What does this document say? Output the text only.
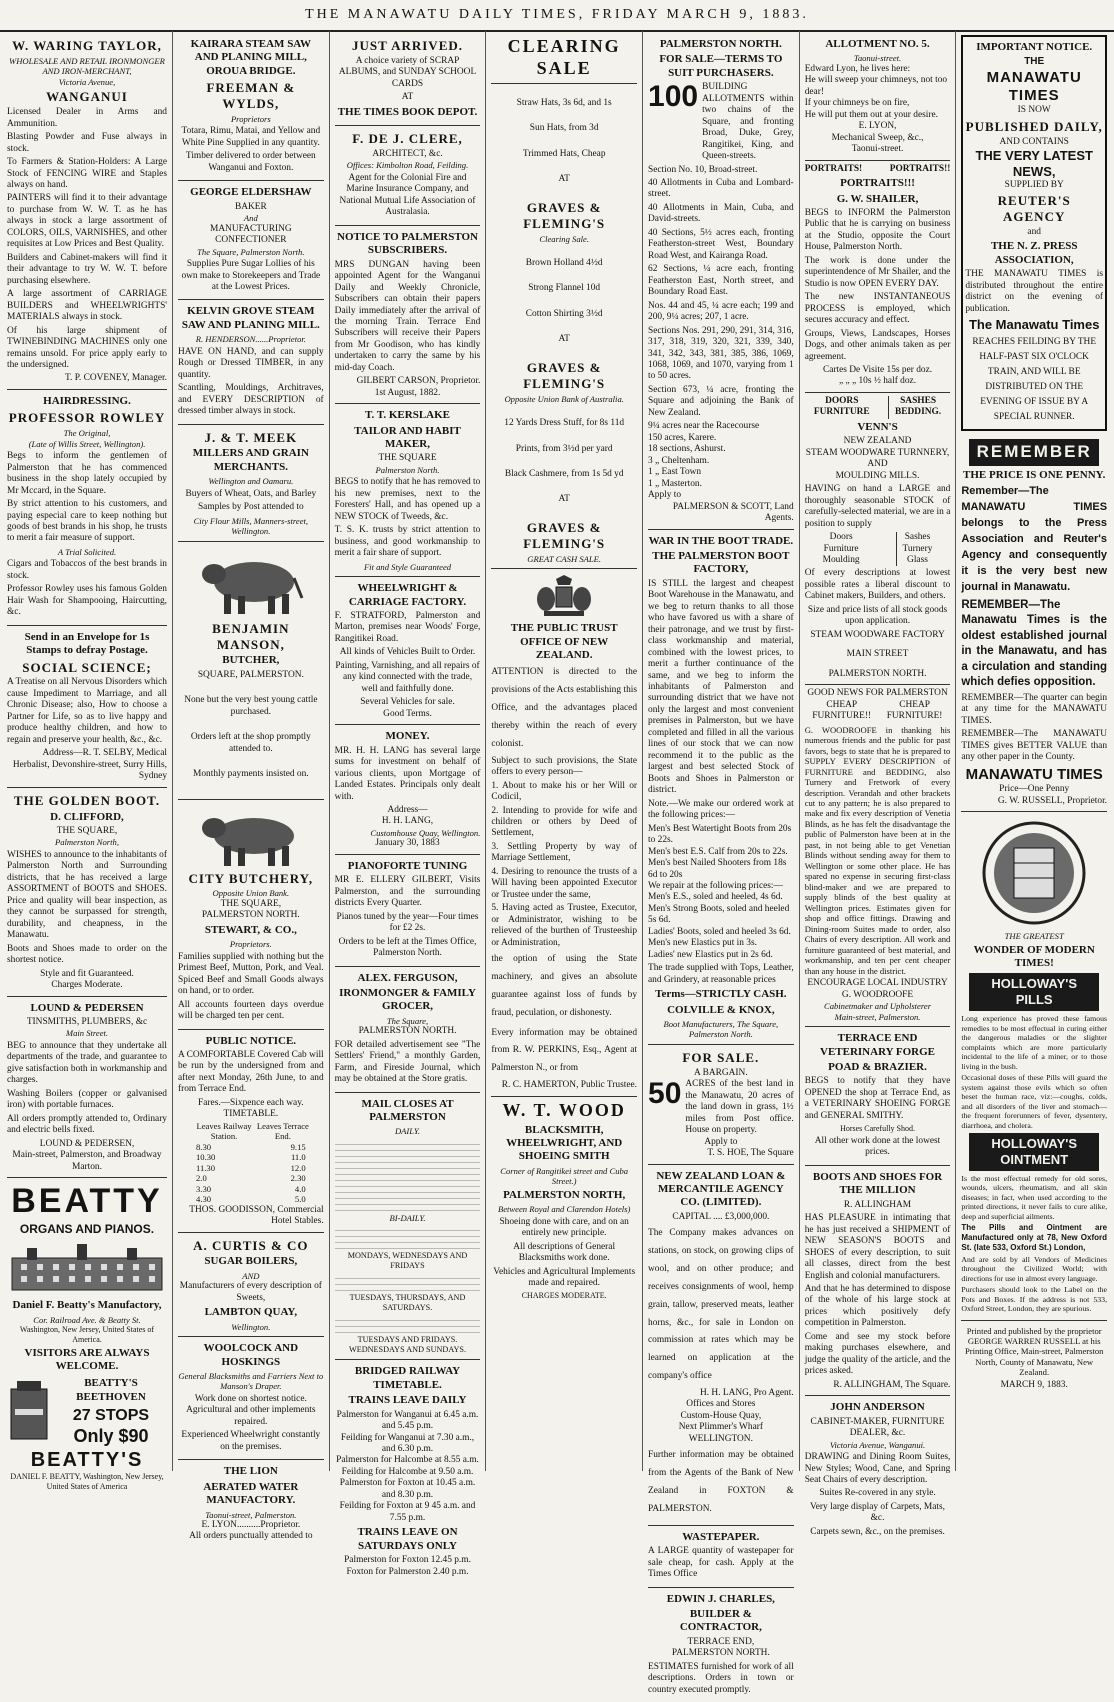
THE MANAWATU DAILY TIMES, FRIDAY MARCH 9, 1883.
W. WARING TAYLOR,
WHOLESALE AND RETAIL IRONMONGER AND IRON-MERCHANT,
Victoria Avenue,
WANGANUI

Licensed Dealer in Arms and Ammunition.

Blasting Powder and Fuse always in stock.

To Farmers & Station-Holders: A Large Stock of FENCING WIRE and Staples always on hand.

PAINTERS will find it to their advantage to purchase from W. W. T. as he has always in stock a large assortment of COLORS, OILS, VARNISHES, and other requisites at Low Prices and Best Quality.

Builders and Cabinet-makers will find it their advantage to try W. W. T. before purchasing elsewhere.

A large assortment of CARRIAGE BUILDERS and WHEELWRIGHTS' MATERIALS always in stock.

Of his large shipment of TWINEBINDING MACHINES only one remains unsold. For price apply early to the undersigned.

T. P. COVENEY, Manager.
HAIRDRESSING.
PROFESSOR ROWLEY
The Original,
(Late of Willis Street, Wellington).

Begs to inform the gentlemen of Palmerston that he has commenced business in the shop lately occupied by Mr Mccard, in the Square.

By strict attention to his customers, and paying especial care to keep nothing but goods of best brands in his shop, he trusts to merit a fair measure of support.

A Trial Solicited.

Cigars and Tobaccos of the best brands in stock.

Professor Rowley uses his famous Golden Hair Wash for Shampooing, Haircutting, &c.

Send in an Envelope for 1s Stamps to defray Postage.
SOCIAL SCIENCE;

A Treatise on all Nervous Disorders which cause Impediment to Marriage, and all Chronic Disease; also, How to choose a Partner for Life, so as to live happy and produce healthy children, and how to regain and preserve your health, &c., &c.

Address—R. T. SELBY, Medical Herbalist, Devonshire-street, Surry Hills, Sydney
THE GOLDEN BOOT.
D. CLIFFORD,
THE SQUARE,
Palmerston North,

WISHES to announce to the inhabitants of Palmerston North and Surrounding districts, that he has received a large ASSORTMENT of BOOTS and SHOES. Price and quality will bear inspection, as they cannot be surpassed for strength, durability, and cheapness, in the Manawatu.

Boots and Shoes made to order on the shortest notice.

Style and fit Guaranteed.
Charges Moderate.
LOUND & PEDERSEN
TINSMITHS, PLUMBERS, &c
Main Street.

BEG to announce that they undertake all departments of the trade, and guarantee to give satisfaction both in workmanship and charges.

Washing Boilers (copper or galvanised iron) with portable furnaces.

All orders promptly attended to, Ordinary and electric bells fixed.

LOUND & PEDERSEN,
Main-street, Palmerston, and Broadway Marton.
BEATTY
ORGANS AND PIANOS.
Daniel F. Beatty's Manufactory,
Cor. Railroad Ave. & Beatty St.
Washington, New Jersey, United States of America.
VISITORS ARE ALWAYS WELCOME.
BEATTY'S BEETHOVEN
27 STOPS
Only $90
BEATTY'S
DANIEL F. BEATTY, Washington, New Jersey, United States of America
KAIRARA STEAM SAW AND PLANING MILL, OROUA BRIDGE.
FREEMAN & WYLDS,
Proprietors

Totara, Rimu, Matai, and Yellow and White Pine Supplied in any quantity.

Timber delivered to order between Wanganui and Foxton.

GEORGE ELDERSHAW
BAKER
And
MANUFACTURING CONFECTIONER
The Square, Palmerston North.

Supplies Pure Sugar Lollies of his own make to Storekeepers and Trade at the Lowest Prices.

KELVIN GROVE STEAM SAW AND PLANING MILL.
R. HENDERSON......Proprietor.

HAVE ON HAND, and can supply Rough or Dressed TIMBER, in any quantity.

Scantling, Mouldings, Architraves, and EVERY DESCRIPTION of dressed timber always in stock.

J. & T. MEEK
MILLERS AND GRAIN MERCHANTS.
Wellington and Oamaru.

Buyers of Wheat, Oats, and Barley

Samples by Post attended to

City Flour Mills, Manners-street, Wellington.
BENJAMIN MANSON,
BUTCHER,
SQUARE, PALMERSTON.

None but the very best young cattle purchased.

Orders left at the shop promptly attended to.

Monthly payments insisted on.

CITY BUTCHERY,
Opposite Union Bank.
THE SQUARE,
PALMERSTON NORTH.
STEWART, & CO.,
Proprietors.

Families supplied with nothing but the Primest Beef, Mutton, Pork, and Veal. Spiced Beef and Small Goods always on hand, or to order.

All accounts fourteen days overdue will be charged ten per cent.

PUBLIC NOTICE.

A COMFORTABLE Covered Cab will be run by the undersigned from and after next Monday, 26th June, to and from Terrace End.

Fares.—Sixpence each way.
TIMETABLE.
Leaves Railway Station.
Leaves Terrace End.
8.30	9.15
10.30	11.0
11.30	12.0
2.0	2.30
3.30	4.0
4.30	5.0
THOS. GOODISSON, Commercial Hotel Stables.
A. CURTIS & CO
SUGAR BOILERS,
AND
Manufacturers of every description of Sweets,
LAMBTON QUAY,
Wellington.
WOOLCOCK AND HOSKINGS
General Blacksmiths and Farriers Next to Manson's Draper.

Work done on shortest notice. Agricultural and other implements repaired.

Experienced Wheelwright constantly on the premises.

THE LION
AERATED WATER MANUFACTORY.
Taonui-street, Palmerston.
E. LYON..........Proprietor.
All orders punctually attended to
JUST ARRIVED.

A choice variety of SCRAP ALBUMS, and SUNDAY SCHOOL CARDS

AT
THE TIMES BOOK DEPOT.
F. DE J. CLERE,
ARCHITECT, &c.
Offices: Kimbolton Road, Feilding.

Agent for the Colonial Fire and Marine Insurance Company, and National Mutual Life Association of Australasia.

NOTICE TO PALMERSTON SUBSCRIBERS.

MRS DUNGAN having been appointed Agent for the Wanganui Daily and Weekly Chronicle, Subscribers can obtain their papers Daily immediately after the arrival of the morning Train. Terrace End Subscribers will receive their Papers from Mr Goodison, who has kindly undertaken to carry the same by his mid-day Coach.

GILBERT CARSON, Proprietor.
1st August, 1882.
T. T. KERSLAKE
TAILOR AND HABIT MAKER,
THE SQUARE
Palmerston North.

BEGS to notify that he has removed to his new premises, next to the Foresters' Hall, and has opened up a NEW STOCK of Tweeds, &c.

T. S. K. trusts by strict attention to business, and good workmanship to merit a fair share of support.

Fit and Style Guaranteed
WHEELWRIGHT & CARRIAGE FACTORY.

F. STRATFORD, Palmerston and Marton, premises near Woods' Forge, Rangitikei Road.

All kinds of Vehicles Built to Order.

Painting, Varnishing, and all repairs of any kind connected with the trade, well and faithfully done.

Several Vehicles for sale.
Good Terms.
MONEY.

MR. H. H. LANG has several large sums for investment on behalf of various clients, upon Mortgage of Landed Estates. Principals only dealt with.

Address—
H. H. LANG,
Customhouse Quay, Wellington.
January 30, 1883
PIANOFORTE TUNING

MR E. ELLERY GILBERT, Visits Palmerston, and the surrounding districts Every Quarter.

Pianos tuned by the year—Four times for £2 2s.

Orders to be left at the Times Office, Palmerston North.

ALEX. FERGUSON,
IRONMONGER & FAMILY GROCER,
The Square,
PALMERSTON NORTH.

FOR detailed advertisement see "The Settlers' Friend," a monthly Garden, Farm, and Fireside Journal, which may be obtained at the Store gratis.

MAIL CLOSES AT PALMERSTON
DAILY.
BI-DAILY.
MONDAYS, WEDNESDAYS AND FRIDAYS
TUESDAYS, THURSDAYS, AND SATURDAYS.
TUESDAYS AND FRIDAYS.
WEDNESDAYS AND SUNDAYS.
BRIDGED RAILWAY TIMETABLE.
TRAINS LEAVE DAILY
Palmerston for Wanganui at 6.45 a.m. and 5.45 p.m.
Feilding for Wanganui at 7.30 a.m., and 6.30 p.m.
Palmerston for Halcombe at 8.55 a.m.
Feilding for Halcombe at 9.50 a.m.
Palmerston for Foxton at 10.45 a.m. and 8.30 p.m.
Feilding for Foxton at 9 45 a.m. and 7.55 p.m.
TRAINS LEAVE ON SATURDAYS ONLY
Palmerston for Foxton 12.45 p.m.
Foxton for Palmerston 2.40 p.m.
CLEARING SALE

Straw Hats, 3s 6d, and 1s

Sun Hats, from 3d

Trimmed Hats, Cheap

AT

GRAVES & FLEMING'S
Clearing Sale.

Brown Holland 4½d

Strong Flannel 10d

Cotton Shirting 3½d

AT

GRAVES & FLEMING'S
Opposite Union Bank of Australia.

12 Yards Dress Stuff, for 8s 11d

Prints, from 3½d per yard

Black Cashmere, from 1s 5d yd

AT

GRAVES & FLEMING'S
GREAT CASH SALE.
THE PUBLIC TRUST OFFICE OF NEW ZEALAND.

ATTENTION is directed to the provisions of the Acts establishing this Office, and the advantages placed thereby within the reach of every colonist.

Subject to such provisions, the State offers to every person—

1. About to make his or her Will or Codicil,

2. Intending to provide for wife and children or others by Deed of Settlement,

3. Settling Property by way of Marriage Settlement,

4. Desiring to renounce the trusts of a Will having been appointed Executor or Trustee under the same,

5. Having acted as Trustee, Executor, or Administrator, wishing to be relieved of the burthen of Trusteeship or Administration,

the option of using the State machinery, and gives an absolute guarantee against loss of funds by fraud, peculation, or dishonesty.

Every information may be obtained from R. W. PERKINS, Esq., Agent at Palmerston N., or from

R. C. HAMERTON, Public Trustee.
W. T. WOOD
BLACKSMITH, WHEELWRIGHT, AND SHOEING SMITH
Corner of Rangitikei street and Cuba Street.)
PALMERSTON NORTH,
Between Royal and Clarendon Hotels)

Shoeing done with care, and on an entirely new principle.

All descriptions of General Blacksmiths work done.

Vehicles and Agricultural Implements made and repaired.

CHARGES MODERATE.
PALMERSTON NORTH.
FOR SALE—TERMS TO SUIT PURCHASERS.
100 BUILDING ALLOTMENTS within two chains of the Square, and fronting Broad, Duke, Grey, Rangitikei, King, and Queen-streets.

Section No. 10, Broad-street.

40 Allotments in Cuba and Lombard-street.

40 Allotments in Main, Cuba, and David-streets.

40 Sections, 5½ acres each, fronting Featherston-street West, Boundary Road West, and Kairanga Road.

62 Sections, ¼ acre each, fronting Featherston East, North street, and Boundary Road East.

Nos. 44 and 45, ¼ acre each; 199 and 200, 9¼ acres; 207, 1 acre.

Sections Nos. 291, 290, 291, 314, 316, 317, 318, 319, 320, 321, 339, 340, 341, 342, 343, 381, 385, 386, 1069, 1068, 1069, and 1070, varying from 1 to 50 acres.

Section 673, ¼ acre, fronting the Square and adjoining the Bank of New Zealand.

9¼ acres near the Racecourse
150 acres, Karere.
18 sections, Ashurst.
3 „ Cheltenham.
1 „ East Town
1 „ Masterton.
Apply to
PALMERSON & SCOTT, Land Agents.
WAR IN THE BOOT TRADE.
THE PALMERSTON BOOT FACTORY,

IS STILL the largest and cheapest Boot Warehouse in the Manawatu, and we beg to return thanks to all those who have favored us with a share of their patronage, and we trust by first-class workmanship and material, combined with the lowest prices, to merit a further continuance of the same, and we beg to inform the inhabitants of Palmerston and surrounding district that we have not only the largest and most convenient premises in Palmerston, but we have completed and filled in all the various lines of our stock that we can now recommend it to the public as the largest and best selected Stock of Boots and Shoes in Palmerston or district.

Note.—We make our ordered work at the following prices:—

Men's Best Watertight Boots from 20s to 22s.
Men's best E.S. Calf from 20s to 22s.
Men's best Nailed Shooters from 18s 6d to 20s
We repair at the following prices:—
Men's E.S., soled and heeled, 4s 6d.
Men's Strong Boots, soled and heeled 5s 6d.
Ladies' Boots, soled and heeled 3s 6d.
Men's new Elastics put in 3s.
Ladies' new Elastics put in 2s 6d.

The trade supplied with Tops, Leather, and Grindery, at reasonable prices

Terms—STRICTLY CASH.
COLVILLE & KNOX,
Boot Manufacturers, The Square, Palmerston North.
FOR SALE.
A BARGAIN.
50 ACRES of the best land in the Manawatu, 20 acres of the land down in grass, 1½ miles from Post office. House on property.

Apply to
T. S. HOE, The Square
NEW ZEALAND LOAN & MERCANTILE AGENCY CO. (LIMITED).
CAPITAL .... £3,000,000.

The Company makes advances on stations, on stock, on growing clips of wool, and on other produce; and receives consignments of wool, hemp grain, tallow, preserved meats, leather horns, &c., for sale in London on commission at rates which may be learned on application at the company's office

H. H. LANG, Pro Agent.
Offices and Stores
Custom-House Quay,
Next Plimmer's Wharf
WELLINGTON.

Further information may be obtained from the Agents of the Bank of New Zealand in FOXTON & PALMERSTON.

WASTEPAPER.

A LARGE quantity of wastepaper for sale cheap, for cash. Apply at the Times Office

EDWIN J. CHARLES,
BUILDER & CONTRACTOR,
TERRACE END,
PALMERSTON NORTH.

ESTIMATES furnished for work of all descriptions. Orders in town or country executed promptly.

ALLOTMENT NO. 5.
Taonui-street.
Edward Lyon, he lives here:
He will sweep your chimneys, not too dear!
If your chimneys be on fire,
He will put them out at your desire.
E. LYON,
Mechanical Sweep, &c.,
Taonui-street.
PORTRAITS!	PORTRAITS!!
PORTRAITS!!!
G. W. SHAILER,

BEGS to INFORM the Palmerston Public that he is carrying on business at the Studio, opposite the Court House, Palmerston North.

The work is done under the superintendence of Mr Shailer, and the Studio is now OPEN EVERY DAY.

The new INSTANTANEOUS PROCESS is employed, which secures accuracy and effect.

Groups, Views, Landscapes, Horses Dogs, and other animals taken as per agreement.

Cartes De Visite 15s per doz.
„ „ „ 10s ½ half doz.
DOORS
FURNITURE
SASHES
BEDDING.
VENN'S
NEW ZEALAND
STEAM WOODWARE TURNNERY,
AND
MOULDING MILLS.

HAVING on hand a LARGE and thoroughly seasonable STOCK of carefully-selected material, we are in a position to supply

Doors
Furniture
Moulding
Sashes
Turnery
Glass

Of every descriptions at lowest possible rates a liberal discount to Cabinet makers, Builders, and others.

Size and price lists of all stock goods upon application.

STEAM WOODWARE FACTORY
MAIN STREET
PALMERSTON NORTH.
GOOD NEWS FOR PALMERSTON
CHEAP FURNITURE!!
CHEAP FURNITURE!

G. WOODROOFE in thanking his numerous friends and the public for past favors, begs to state that he is prepared to SUPPLY EVERY DESCRIPTION of FURNITURE and BEDDING, also Turnery and Fretwork of every description. Verandah and other brackets cut to any pattern; he is also prepared to make and fix every description of Venetia Blinds, as he has felt the disadvantage the public of Palmerston have been at in the past, in not being able to get Venetian Blinds without sending away for them to Wellington or some other place. He has spared no expense in securing first-class blind-maker and we are prepared to supply blinds of the best quality at Wellington prices. Estimates given for shop and office fittings. Drawing and Dining-room Suites made to order, also Chairs of every description. All work and furniture guaranteed of best material, and workmanship, and ten per cent cheaper than any house in the district.

ENCOURAGE LOCAL INDUSTRY
G. WOODROOFE
Cabinetmaker and Upholsterer
Main-street, Palmerston.
TERRACE END VETERINARY FORGE
POAD & BRAZIER.

BEGS to notify that they have OPENED the shop at Terrace End, as a VETERINARY SHOEING FORGE and GENERAL SMITHY.

Horses Carefully Shod.

All other work done at the lowest prices.

BOOTS AND SHOES FOR THE MILLION
R. ALLINGHAM

HAS PLEASURE in intimating that he has just received a SHIPMENT of NEW SEASON'S BOOTS and SHOES of every description, to suit all classes, direct from the best English and colonial manufacturers.

And that he has determined to dispose of the whole of his large stock at prices which positively defy competition in Palmerston.

Come and see my stock before making purchases elsewhere, and judge the quality of the article, and the prices asked.

R. ALLINGHAM, The Square.
JOHN ANDERSON
CABINET-MAKER, FURNITURE DEALER, &c.
Victoria Avenue, Wanganui.

DRAWING and Dining Room Suites, New Styles; Wood, Cane, and Spring Seat Chairs of every description.

Suites Re-covered in any style.

Very large display of Carpets, Mats, &c.

Carpets sewn, &c., on the premises.

IMPORTANT NOTICE.
THE
MANAWATU TIMES
IS NOW
PUBLISHED DAILY,
AND CONTAINS
THE VERY LATEST NEWS,
SUPPLIED BY
REUTER'S AGENCY
and
THE N. Z. PRESS ASSOCIATION,

THE MANAWATU TIMES is distributed throughout the entire district on the evening of publication.

The Manawatu Times

REACHES FEILDING BY THE HALF-PAST SIX O'CLOCK TRAIN, AND WILL BE DISTRIBUTED ON THE EVENING OF ISSUE BY A SPECIAL RUNNER.

REMEMBER
THE PRICE IS ONE PENNY.

Remember—The MANAWATU TIMES belongs to the Press Association and Reuter's Agency and consequently it is the very best new journal in Manawatu.

REMEMBER—The Manawatu Times is the oldest established journal in the Manawatu, and has a circulation and standing which defies opposition.

REMEMBER—The quarter can begin at any time for the MANAWATU TIMES.

REMEMBER—The MANAWATU TIMES gives BETTER VALUE than any other paper in the County.

MANAWATU TIMES
Price—One Penny
G. W. RUSSELL, Proprietor.
THE GREATEST
WONDER OF MODERN TIMES!
HOLLOWAY'S PILLS

Long experience has proved these famous remedies to be most effectual in curing either the dangerous maladies or the slighter complaints which are more particularly incidental to the life of a miner, or to those living in the bush.

Occasional doses of these Pills will guard the system against those evils which so often beset the human race, viz:—coughs, colds, and all disorders of the liver and stomach—the frequent forerunners of fever, dysentery, diarrhoea, and cholera.

HOLLOWAY'S OINTMENT

Is the most effectual remedy for old sores, wounds, ulcers, rheumatism, and all skin diseases; in fact, when used according to the printed directions, it never fails to cure alike, deep and superficial ailments.

The Pills and Ointment are Manufactured only at 78, New Oxford St. (late 533, Oxford St.) London,

And are sold by all Vendors of Medicines throughout the Civilized World; with directions for use in almost every language.

Purchasers should look to the Label on the Pots and Boxes. If the address is not 533, Oxford Street, London, they are spurious.

Printed and published by the proprietor GEORGE WARREN RUSSELL at his Printing Office, Main-street, Palmerston North, County of Manawatu, New Zealand.

MARCH 9, 1883.
